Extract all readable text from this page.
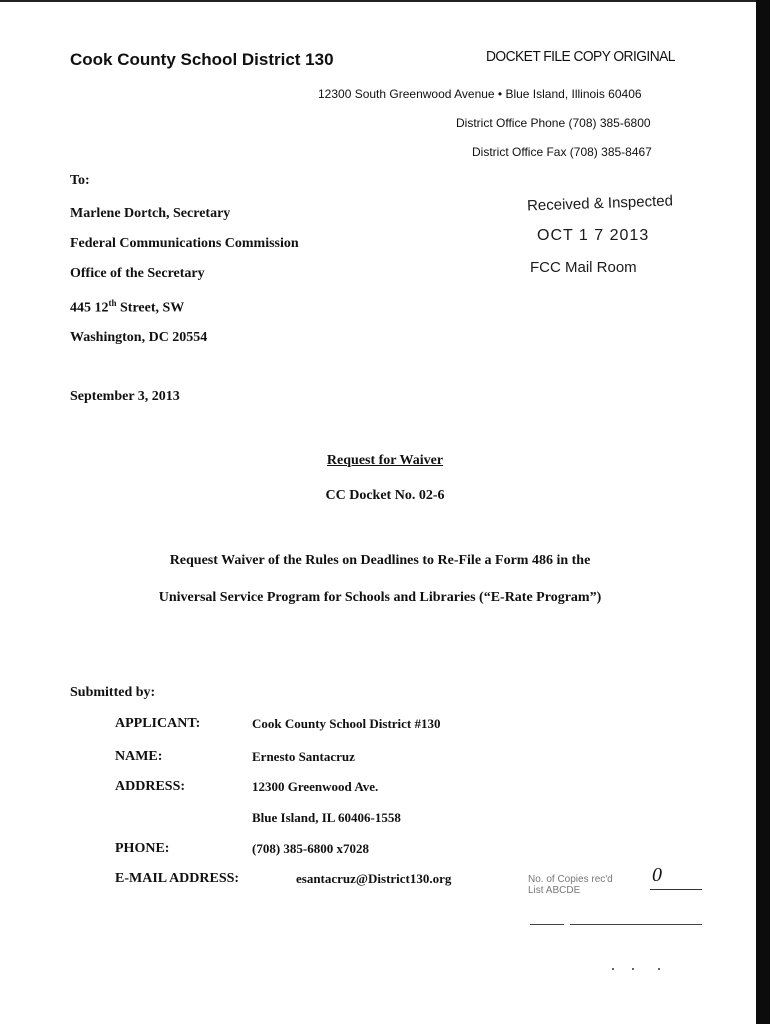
Cook County School District 130	DOCKET FILE COPY ORIGINAL
12300 South Greenwood Avenue • Blue Island, Illinois 60406
District Office Phone (708) 385-6800
District Office Fax (708) 385-8467
To:
Marlene Dortch, Secretary
Federal Communications Commission
Office of the Secretary
445 12th Street, SW
Washington, DC 20554
Received & Inspected
OCT 1 7 2013
FCC Mail Room
September 3, 2013
Request for Waiver
CC Docket No. 02-6
Request Waiver of the Rules on Deadlines to Re-File a Form 486 in the
Universal Service Program for Schools and Libraries (“E-Rate Program”)
Submitted by:
APPLICANT:	Cook County School District #130
NAME:	Ernesto Santacruz
ADDRESS:	12300 Greenwood Ave.
Blue Island, IL 60406-1558
PHONE:	(708) 385-6800 x7028
E-MAIL ADDRESS:	esantacruz@District130.org	No. of Copies rec'd
List ABCDE
0
